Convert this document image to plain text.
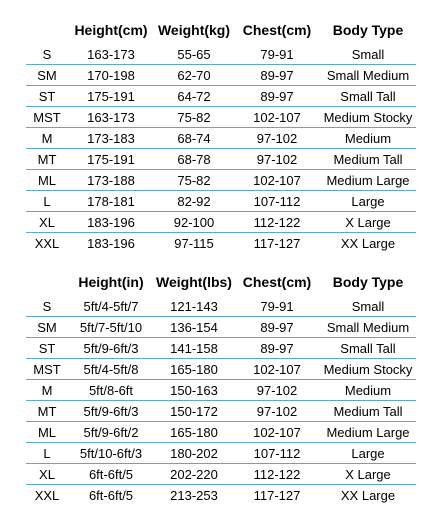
	Height(cm)	Weight(kg)	Chest(cm)	Body Type
S	163-173	55-65	79-91	Small
SM	170-198	62-70	89-97	Small Medium
ST	175-191	64-72	89-97	Small Tall
MST	163-173	75-82	102-107	Medium Stocky
M	173-183	68-74	97-102	Medium
MT	175-191	68-78	97-102	Medium Tall
ML	173-188	75-82	102-107	Medium Large
L	178-181	82-92	107-112	Large
XL	183-196	92-100	112-122	X Large
XXL	183-196	97-115	117-127	XX Large
	Height(in)	Weight(lbs)	Chest(cm)	Body Type
S	5ft/4-5ft/7	121-143	79-91	Small
SM	5ft/7-5ft/10	136-154	89-97	Small Medium
ST	5ft/9-6ft/3	141-158	89-97	Small Tall
MST	5ft/4-5ft/8	165-180	102-107	Medium Stocky
M	5ft/8-6ft	150-163	97-102	Medium
MT	5ft/9-6ft/3	150-172	97-102	Medium Tall
ML	5ft/9-6ft/2	165-180	102-107	Medium Large
L	5ft/10-6ft/3	180-202	107-112	Large
XL	6ft-6ft/5	202-220	112-122	X Large
XXL	6ft-6ft/5	213-253	117-127	XX Large
